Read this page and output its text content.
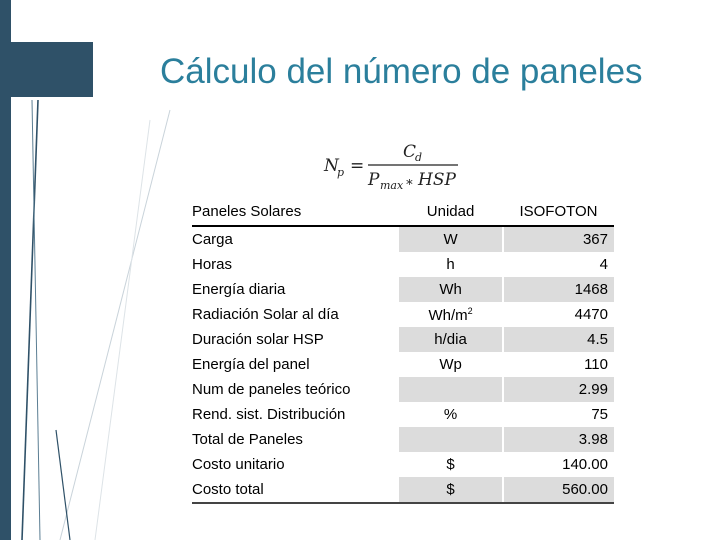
Cálculo del número de paneles
N
p =
C
d
P max ∗ HSP
Paneles Solares	Unidad	ISOFOTON
Carga	W	367
Horas	h	4
Energía diaria	Wh	1468
Radiación Solar al día	$Wh/m^2$	4470
Duración solar HSP	h/dia	4.5
Energía del panel	Wp	110
Num de paneles teórico		2.99
Rend. sist. Distribución	%	75
Total de Paneles		3.98
Costo unitario	$	140.00
Costo total	$	560.00
